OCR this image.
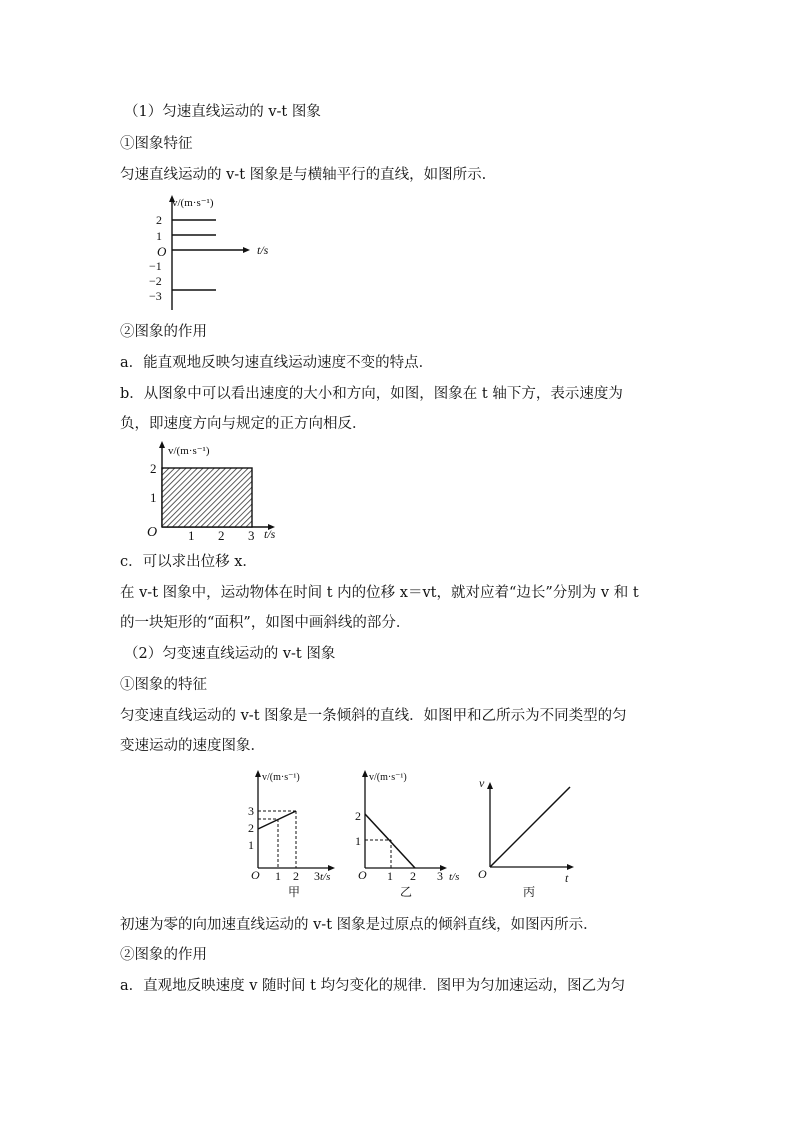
（1）匀速直线运动的 v-t 图象
①图象特征
匀速直线运动的 v-t 图象是与横轴平行的直线，如图所示.
v/(m·s⁻¹)
t/s
O
2
1
−1
−2
−3
②图象的作用
a．能直观地反映匀速直线运动速度不变的特点．
b．从图象中可以看出速度的大小和方向，如图，图象在 t 轴下方，表示速度为
负，即速度方向与规定的正方向相反．
v/(m·s⁻¹)
t/s
O
2
1
1 2 3
c．可以求出位移 x．
在 v-t 图象中，运动物体在时间 t 内的位移 x＝vt，就对应着“边长”分别为 v 和 t
的一块矩形的“面积”，如图中画斜线的部分．
（2）匀变速直线运动的 v-t 图象
①图象的特征
匀变速直线运动的 v-t 图象是一条倾斜的直线．如图甲和乙所示为不同类型的匀
变速运动的速度图象．
v/(m·s⁻¹)
t/s
O
3
2
1
1 2 3
甲
v/(m·s⁻¹)
t/s
O
2
1
1 2 3
乙
v
t
O
丙
初速为零的向加速直线运动的 v-t 图象是过原点的倾斜直线，如图丙所示．
②图象的作用
a．直观地反映速度 v 随时间 t 均匀变化的规律．图甲为匀加速运动，图乙为匀
